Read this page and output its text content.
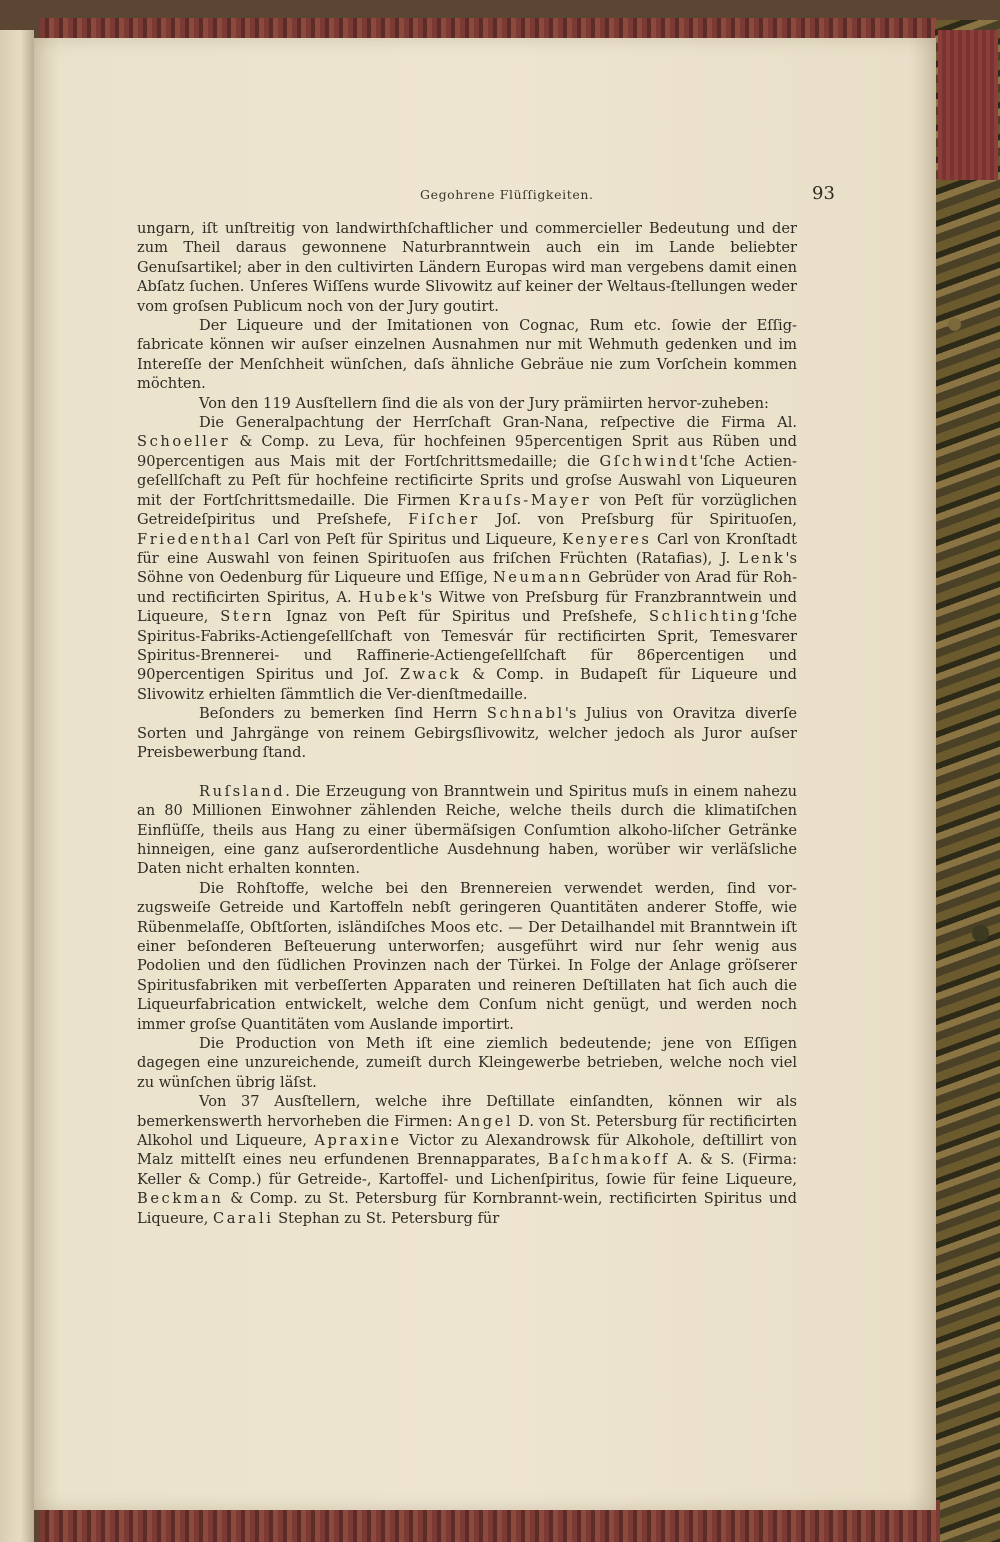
Gegohrene Flüſſigkeiten.	93

ungarn, iſt unſtreitig von landwirthſchaftlicher und commercieller Bedeutung und der zum Theil daraus gewonnene Naturbranntwein auch ein im Lande beliebter Genuſsartikel; aber in den cultivirten Ländern Europas wird man vergebens damit einen Abſatz ſuchen. Unſeres Wiſſens wurde Slivowitz auf keiner der Weltaus-ſtellungen weder vom groſsen Publicum noch von der Jury goutirt.

Der Liqueure und der Imitationen von Cognac, Rum etc. ſowie der Eſſig-fabricate können wir auſser einzelnen Ausnahmen nur mit Wehmuth gedenken und im Intereſſe der Menſchheit wünſchen, daſs ähnliche Gebräue nie zum Vorſchein kommen möchten.

Von den 119 Ausſtellern ſind die als von der Jury prämiirten hervor-zuheben:

Die Generalpachtung der Herrſchaft Gran-Nana, reſpective die Firma Al. Schoeller & Comp. zu Leva, für hochfeinen 95percentigen Sprit aus Rüben und 90percentigen aus Mais mit der Fortſchrittsmedaille; die Gſchwindt'ſche Actien-geſellſchaft zu Peſt für hochfeine rectificirte Sprits und groſse Auswahl von Liqueuren mit der Fortſchrittsmedaille. Die Firmen Krauſs-Mayer von Peſt für vorzüglichen Getreideſpiritus und Preſshefe, Fiſcher Joſ. von Preſsburg für Spirituoſen, Friedenthal Carl von Peſt für Spiritus und Liqueure, Kenyeres Carl von Kronſtadt für eine Auswahl von feinen Spirituoſen aus friſchen Früchten (Ratafias), J. Lenk's Söhne von Oedenburg für Liqueure und Eſſige, Neumann Gebrüder von Arad für Roh- und rectificirten Spiritus, A. Hubek's Witwe von Preſsburg für Franzbranntwein und Liqueure, Stern Ignaz von Peſt für Spiritus und Preſshefe, Schlichting'ſche Spiritus-Fabriks-Actiengeſellſchaft von Temesvár für rectificirten Sprit, Temesvarer Spiritus-Brennerei- und Raffinerie-Actiengeſellſchaft für 86percentigen und 90percentigen Spiritus und Joſ. Zwack & Comp. in Budapeſt für Liqueure und Slivowitz erhielten ſämmtlich die Ver-dienſtmedaille.

Beſonders zu bemerken ſind Herrn Schnabl's Julius von Oravitza diverſe Sorten und Jahrgänge von reinem Gebirgsſlivowitz, welcher jedoch als Juror auſser Preisbewerbung ſtand.

Ruſsland. Die Erzeugung von Branntwein und Spiritus muſs in einem nahezu an 80 Millionen Einwohner zählenden Reiche, welche theils durch die klimatiſchen Einflüſſe, theils aus Hang zu einer übermäſsigen Conſumtion alkoho-liſcher Getränke hinneigen, eine ganz auſserordentliche Ausdehnung haben, worüber wir verläſsliche Daten nicht erhalten konnten.

Die Rohſtoffe, welche bei den Brennereien verwendet werden, ſind vor-zugsweiſe Getreide und Kartoffeln nebſt geringeren Quantitäten anderer Stoffe, wie Rübenmelaſſe, Obſtſorten, isländiſches Moos etc. — Der Detailhandel mit Branntwein iſt einer beſonderen Beſteuerung unterworfen; ausgeführt wird nur ſehr wenig aus Podolien und den ſüdlichen Provinzen nach der Türkei. In Folge der Anlage gröſserer Spiritusfabriken mit verbeſſerten Apparaten und reineren Deſtillaten hat ſich auch die Liqueurfabrication entwickelt, welche dem Conſum nicht genügt, und werden noch immer groſse Quantitäten vom Auslande importirt.

Die Production von Meth iſt eine ziemlich bedeutende; jene von Eſſigen dagegen eine unzureichende, zumeiſt durch Kleingewerbe betrieben, welche noch viel zu wünſchen übrig läſst.

Von 37 Ausſtellern, welche ihre Deſtillate einſandten, können wir als bemerkenswerth hervorheben die Firmen: Angel D. von St. Petersburg für rectificirten Alkohol und Liqueure, Apraxine Victor zu Alexandrowsk für Alkohole, deſtillirt von Malz mittelſt eines neu erfundenen Brennapparates, Baſchmakoff A. & S. (Firma: Keller & Comp.) für Getreide-, Kartoffel- und Lichenſpiritus, ſowie für feine Liqueure, Beckman & Comp. zu St. Petersburg für Kornbrannt-wein, rectificirten Spiritus und Liqueure, Carali Stephan zu St. Petersburg für
